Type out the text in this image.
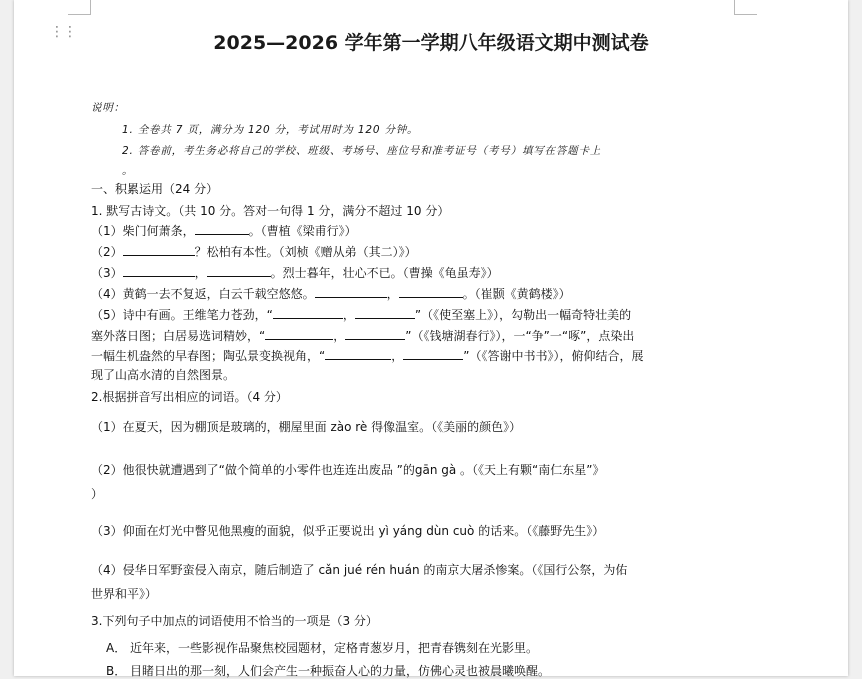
⋮⋮	2025—2026 学年第一学期八年级语文期中测试卷
说明：
1. 全卷共 7 页，满分为 120 分，考试用时为 120 分钟。
2. 答卷前，考生务必将自己的学校、班级、考场号、座位号和准考证号（考号）填写在答题卡上
。
一、积累运用（24 分）
1. 默写古诗文。（共 10 分。答对一句得 1 分，满分不超过 10 分）
（1）柴门何萧条，	。（曹植《梁甫行》）
（2）	？松柏有本性。（刘桢《赠从弟（其二）》）
（3）	，	。烈士暮年，壮心不已。（曹操《龟虽寿》）
（4）黄鹤一去不复返，白云千载空悠悠。	，	。（崔颢《黄鹤楼》）
（5）诗中有画。王维笔力苍劲，“	，	”（《使至塞上》），勾勒出一幅奇特壮美的
塞外落日图；白居易选词精妙，“	，	”（《钱塘湖春行》），一“争”一“啄”，点染出
一幅生机盎然的早春图；陶弘景变换视角，“	，	”（《答谢中书书》），俯仰结合，展
现了山高水清的自然图景。
2.根据拼音写出相应的词语。（4 分）
（1）在夏天，因为棚顶是玻璃的，棚屋里面 zào rè 得像温室。（《美丽的颜色》）
（2）他很快就遭遇到了“做个简单的小零件也连连出废品 ”的gān gà 。（《天上有颗“南仁东星”》
）
（3）仰面在灯光中瞥见他黑瘦的面貌，似乎正要说出 yì yáng dùn cuò 的话来。（《藤野先生》）
（4）侵华日军野蛮侵入南京，随后制造了 cǎn jué rén huán 的南京大屠杀惨案。（《国行公祭，为佑
世界和平》）
3.下列句子中加点的词语使用不恰当的一项是（3 分）
A． 近年来，一些影视作品聚焦校园题材，定格青葱岁月，把青春镌刻在光影里。
B． 目睹日出的那一刻，人们会产生一种振奋人心的力量，仿佛心灵也被晨曦唤醒。
